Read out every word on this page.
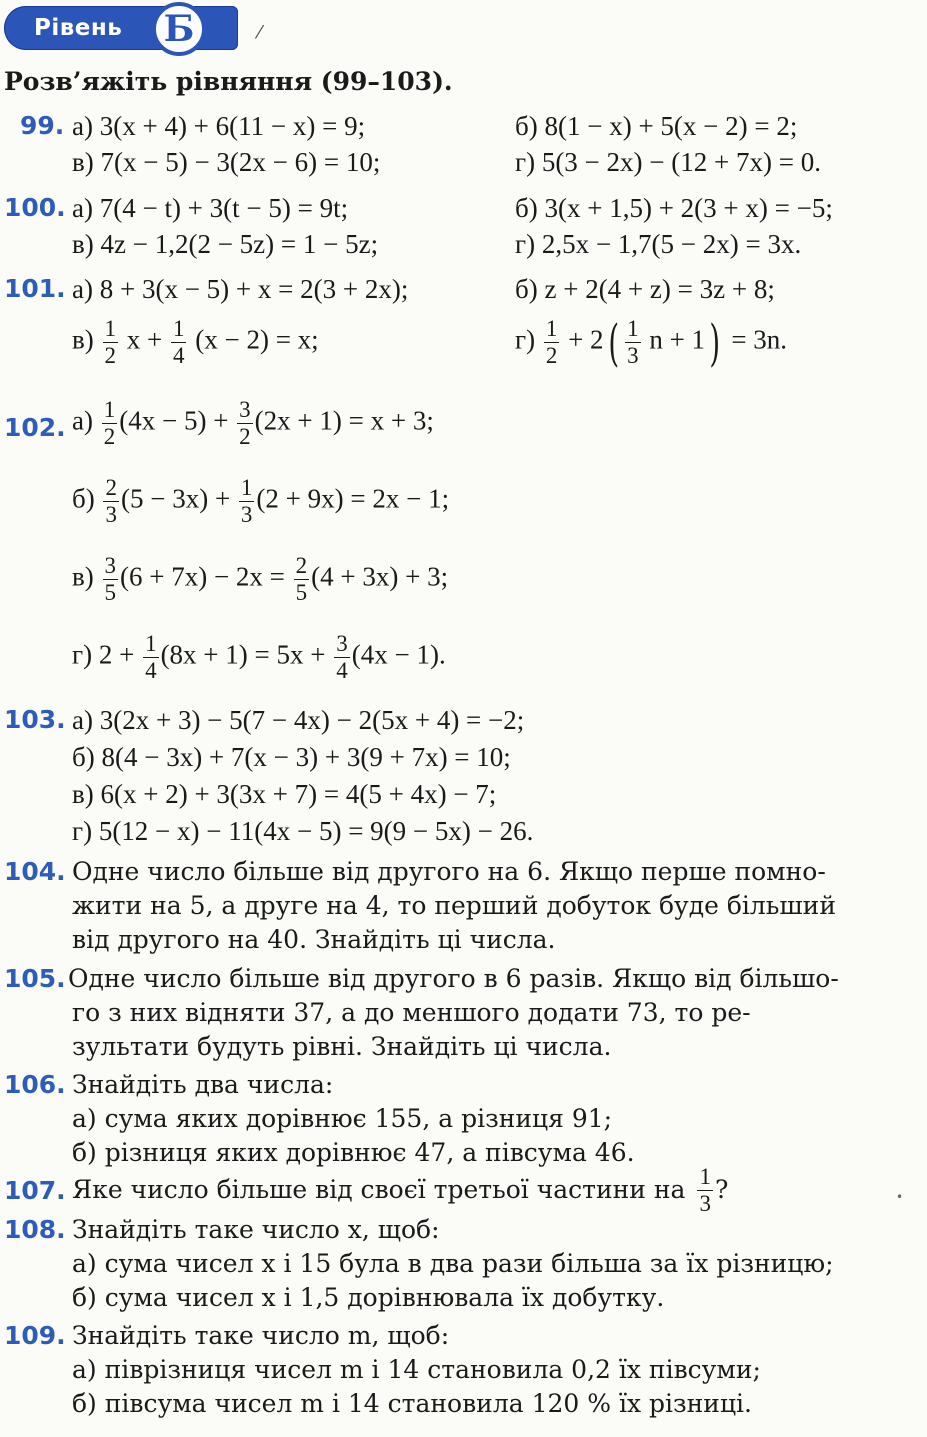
Рівень	Б	⁄
Розв’яжіть рівняння (99–103).
99. а) 3(x + 4) + 6(11 − x) = 9;	б) 8(1 − x) + 5(x − 2) = 2;
в) 7(x − 5) − 3(2x − 6) = 10;	г) 5(3 − 2x) − (12 + 7x) = 0.
100. а) 7(4 − t) + 3(t − 5) = 9t;	б) 3(x + 1,5) + 2(3 + x) = −5;
в) 4z − 1,2(2 − 5z) = 1 − 5z;	г) 2,5x − 1,7(5 − 2x) = 3x.
101. а) 8 + 3(x − 5) + x = 2(3 + 2x);	б) z + 2(4 + z) = 3z + 8;
$в) \frac{1}{2}$ $x + \frac{1}{4} (x - 2) = x$;	$г) \frac{1}{2} + 2( \frac{1}{3}$ n + 1) = 3n.
102. $а) \frac{1}{2} (4x - 5) + \frac{3}{2} (2x + 1) = x + 3$;
$б) \frac{2}{3} (5 - 3x) + \frac{1}{3} (2 + 9x) = 2x - 1$;
$в) \frac{3}{5} (6 + 7x) - 2x = \frac{2}{5} (4 + 3x) + 3$;
г) $2 + \frac{1}{4} (8x + 1) = 5x + \frac{3}{4} (4x - 1)$.
103. а) 3(2x + 3) − 5(7 − 4x) − 2(5x + 4) = −2;
б) 8(4 − 3x) + 7(x − 3) + 3(9 + 7x) = 10;
в) 6(x + 2) + 3(3x + 7) = 4(5 + 4x) − 7;
г) 5(12 − x) − 11(4x − 5) = 9(9 − 5x) − 26.
104. Одне число більше від другого на 6. Якщо перше помно-
жити на 5, а друге на 4, то перший добуток буде більший
від другого на 40. Знайдіть ці числа.
105. Одне число більше від другого в 6 разів. Якщо від більшо-
го з них відняти 37, а до меншого додати 73, то ре-
зультати будуть рівні. Знайдіть ці числа.
106. Знайдіть два числа:
а) сума яких дорівнює 155, а різниця 91;
б) різниця яких дорівнює 47, а півсума 46.
107. Яке число більше від своєї третьої частини на $\frac{1}{3}$ ?	•
108. Знайдіть таке число x, щоб:
а) сума чисел x і 15 була в два рази більша за їх різницю;
б) сума чисел x і 1,5 дорівнювала їх добутку.
109. Знайдіть таке число m, щоб:
а) піврізниця чисел m і 14 становила 0,2 їх півсуми;
б) півсума чисел m і 14 становила 120 % їх різниці.
